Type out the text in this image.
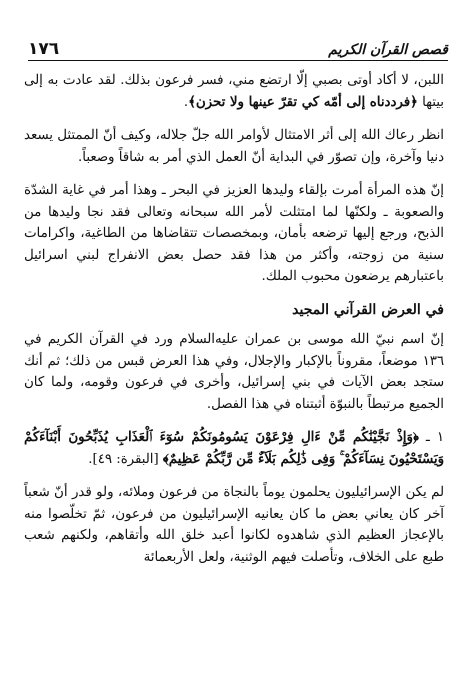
١٧٦	قصص القرآن الكريم

اللبن، لا أكاد أوتى بصبي إلّا ارتضع مني، فسر فرعون بذلك. لقد عادت به إلى بيتها ﴿فرددناه إلى أمّه كي تقرّ عينها ولا تحزن﴾.

انظر رعاك الله إلى أثر الامتثال لأوامر الله جلّ جلاله، وكيف أنّ الممتثل يسعد دنيا وآخرة، وإن تصوّر في البداية أنّ العمل الذي أمر به شاقاً وصعباً.

إنّ هذه المرأة أمرت بإلقاء وليدها العزيز في البحر ـ وهذا أمر في غاية الشدّة والصعوبة ـ ولكنّها لما امتثلت لأمر الله سبحانه وتعالى فقد نجا وليدها من الذبح، ورجع إليها ترضعه بأمان، وبمخصصات تتقاضاها من الطاغية، واكرامات سنية من زوجته، وأكثر من هذا فقد حصل بعض الانفراج لبني اسرائيل باعتبارهم يرضعون محبوب الملك.

في العرض القرآني المجيد

إنّ اسم نبيّ الله موسى بن عمران عليه‌السلام ورد في القرآن الكريم في ١٣٦ موضعاً، مقروناً بالإكبار والإجلال، وفي هذا العرض قبس من ذلك؛ ثم أنك ستجد بعض الآيات في بني إسرائيل، وأخرى في فرعون وقومه، ولما كان الجميع مرتبطاً بالنبوّة أثبتناه في هذا الفصل.

١ ـ ﴿وَإِذْ نَجَّيْنَٰكُم مِّنْ ءَالِ فِرْعَوْنَ يَسُومُونَكُمْ سُوٓءَ ٱلْعَذَابِ يُذَبِّحُونَ أَبْنَآءَكُمْ وَيَسْتَحْيُونَ نِسَآءَكُمْ ۚ وَفِى ذَٰلِكُم بَلَآءٌ مِّن رَّبِّكُمْ عَظِيمٌ﴾ [البقرة: ٤٩].

لم يكن الإسرائيليون يحلمون يوماً بالنجاة من فرعون وملائه، ولو قدر أنّ شعباً آخر كان يعاني بعض ما كان يعانيه الإسرائيليون من فرعون، ثمّ تخلّصوا منه بالإعجاز العظيم الذي شاهدوه لكانوا أعبد خلق الله وأتقاهم، ولكنهم شعب طبع على الخلاف، وتأصلت فيهم الوثنية، ولعل الأربعمائة
